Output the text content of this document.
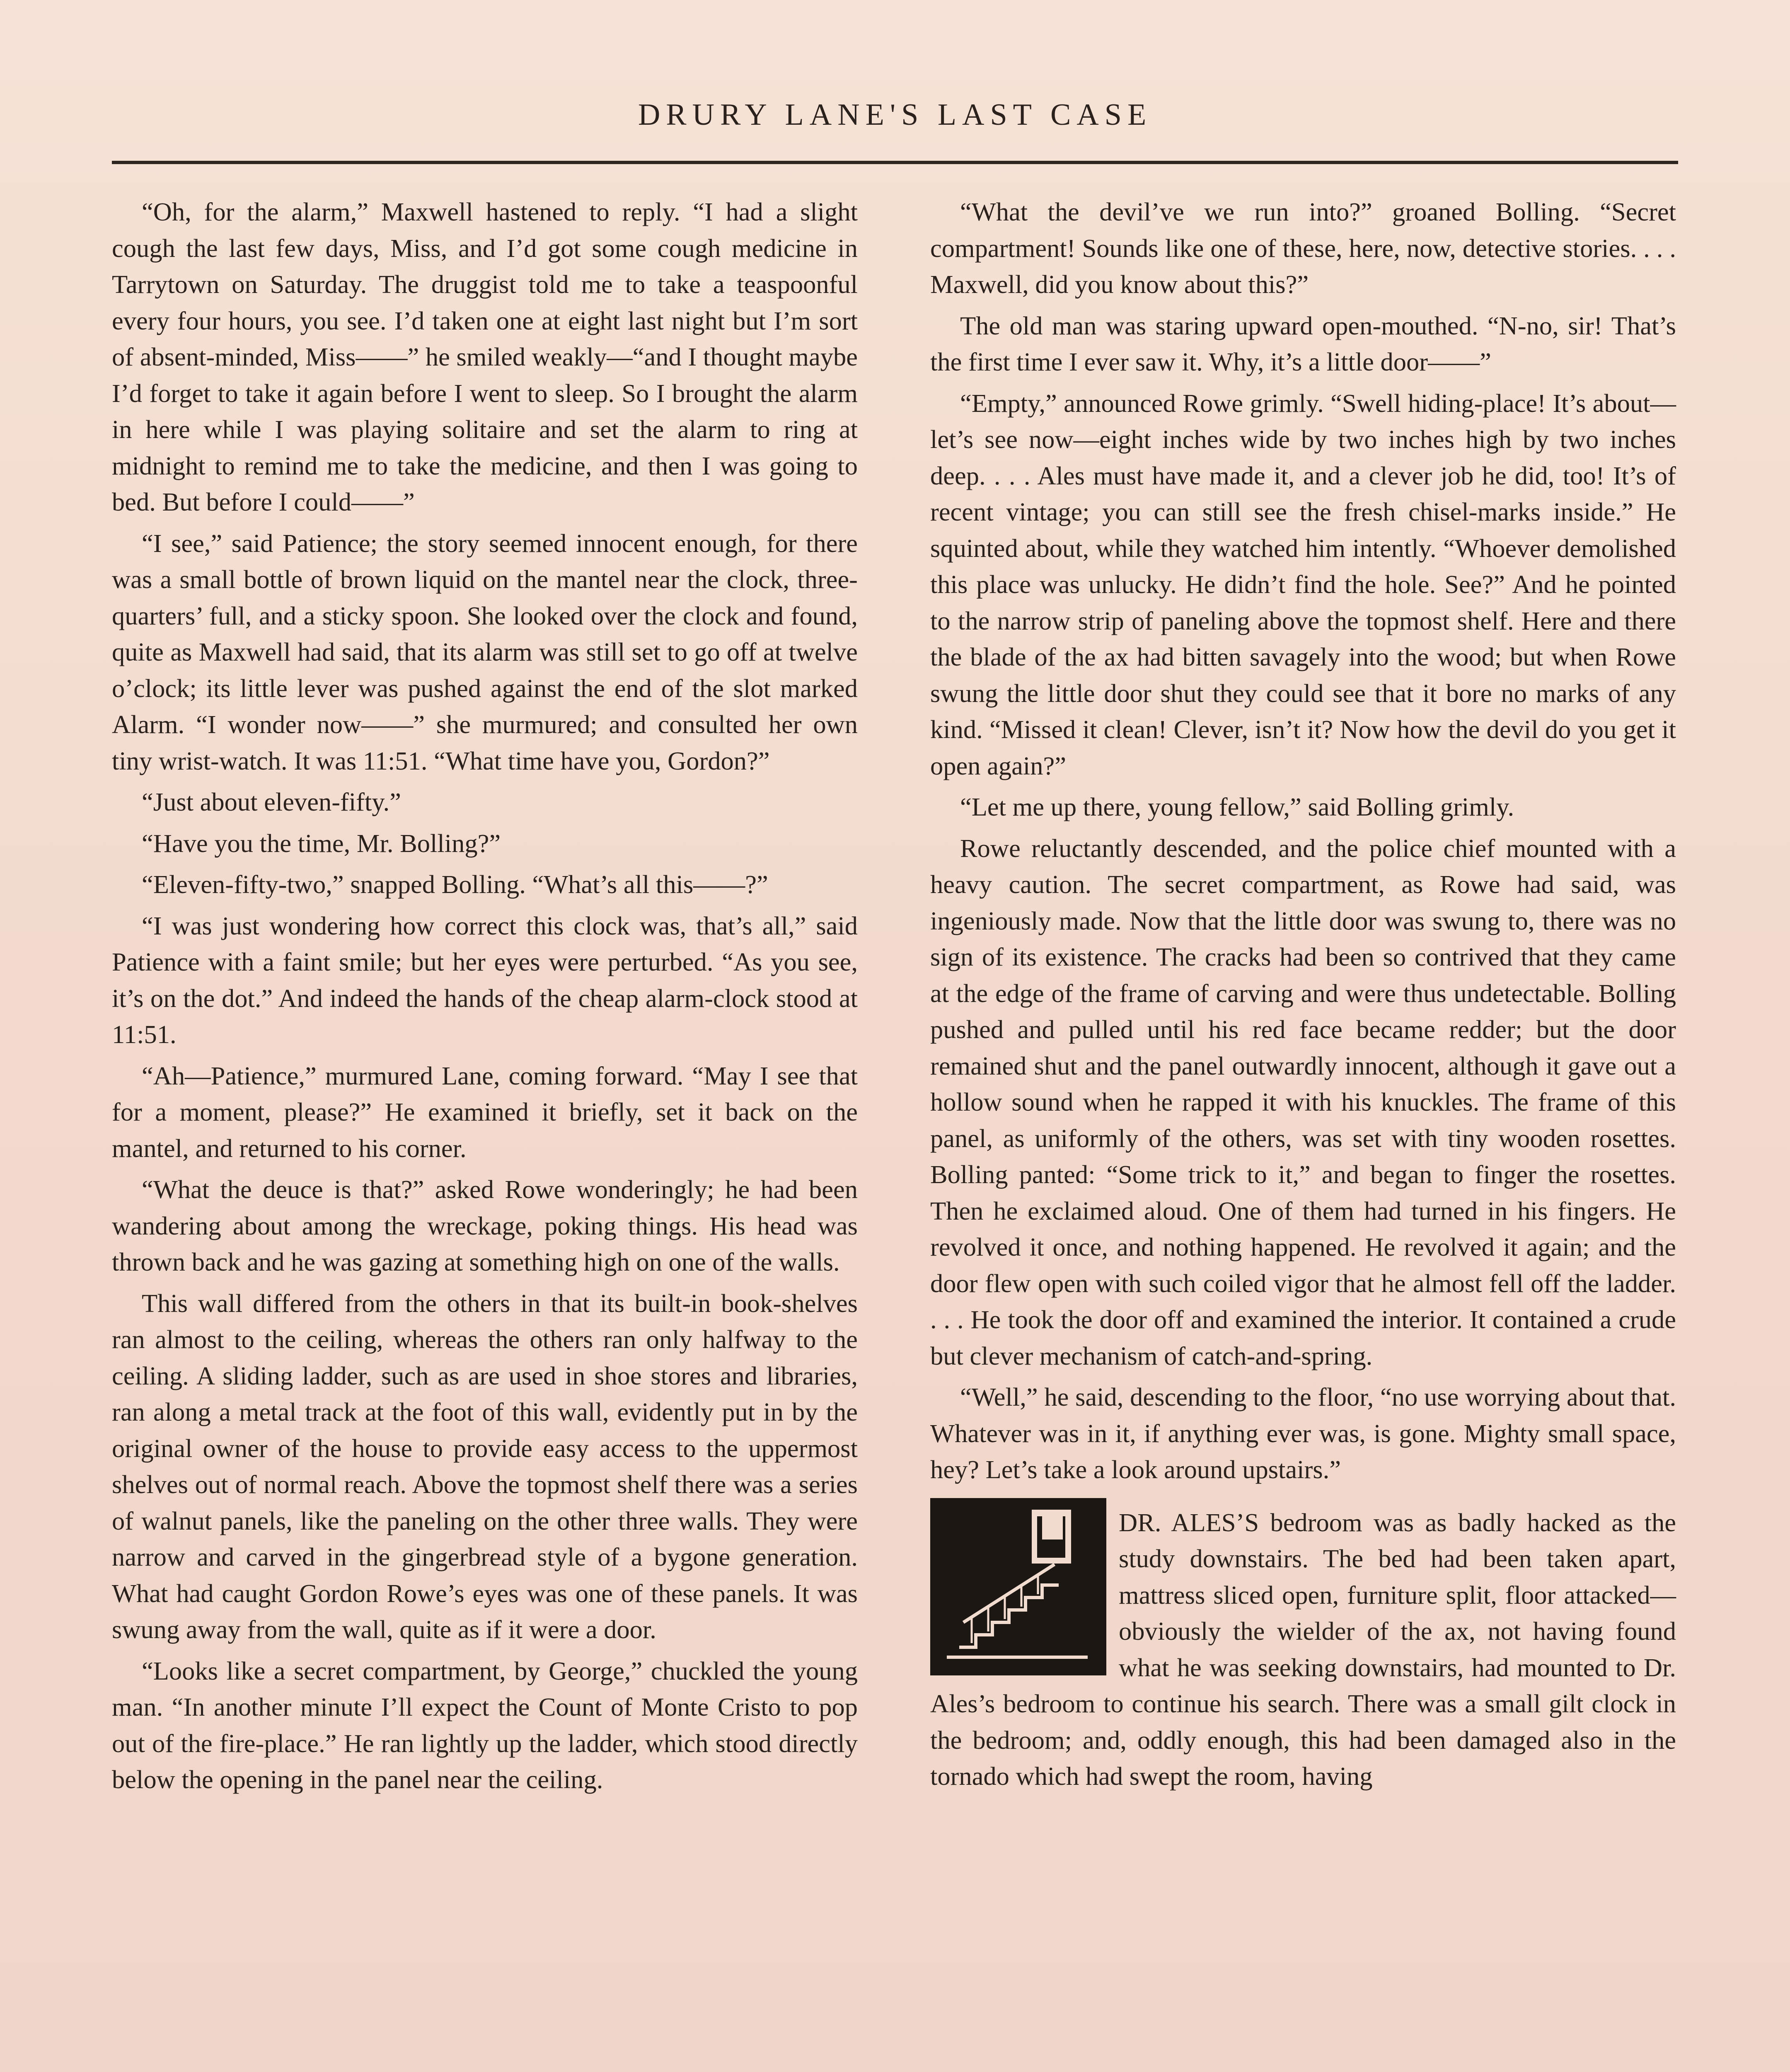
DRURY LANE'S LAST CASE

“Oh, for the alarm,” Maxwell hastened to reply. “I had a slight cough the last few days, Miss, and I’d got some cough medicine in Tarrytown on Saturday. The druggist told me to take a teaspoonful every four hours, you see. I’d taken one at eight last night but I’m sort of absent-minded, Miss——” he smiled weakly—“and I thought maybe I’d forget to take it again before I went to sleep. So I brought the alarm in here while I was playing solitaire and set the alarm to ring at midnight to remind me to take the medicine, and then I was going to bed. But before I could——”

“I see,” said Patience; the story seemed innocent enough, for there was a small bottle of brown liquid on the mantel near the clock, three-quarters’ full, and a sticky spoon. She looked over the clock and found, quite as Maxwell had said, that its alarm was still set to go off at twelve o’clock; its little lever was pushed against the end of the slot marked Alarm. “I wonder now——” she murmured; and consulted her own tiny wrist-watch. It was 11:51. “What time have you, Gordon?”

“Just about eleven-fifty.”

“Have you the time, Mr. Bolling?”

“Eleven-fifty-two,” snapped Bolling. “What’s all this——?”

“I was just wondering how correct this clock was, that’s all,” said Patience with a faint smile; but her eyes were perturbed. “As you see, it’s on the dot.” And indeed the hands of the cheap alarm-clock stood at 11:51.

“Ah—Patience,” murmured Lane, coming forward. “May I see that for a moment, please?” He examined it briefly, set it back on the mantel, and returned to his corner.

“What the deuce is that?” asked Rowe wonderingly; he had been wandering about among the wreckage, poking things. His head was thrown back and he was gazing at something high on one of the walls.

This wall differed from the others in that its built-in book-shelves ran almost to the ceiling, whereas the others ran only halfway to the ceiling. A sliding ladder, such as are used in shoe stores and libraries, ran along a metal track at the foot of this wall, evidently put in by the original owner of the house to provide easy access to the uppermost shelves out of normal reach. Above the topmost shelf there was a series of walnut panels, like the paneling on the other three walls. They were narrow and carved in the gingerbread style of a bygone generation. What had caught Gordon Rowe’s eyes was one of these panels. It was swung away from the wall, quite as if it were a door.

“Looks like a secret compartment, by George,” chuckled the young man. “In another minute I’ll expect the Count of Monte Cristo to pop out of the fire-place.” He ran lightly up the ladder, which stood directly below the opening in the panel near the ceiling.

“What the devil’ve we run into?” groaned Bolling. “Secret compartment! Sounds like one of these, here, now, detective stories. . . . Maxwell, did you know about this?”

The old man was staring upward open-mouthed. “N-no, sir! That’s the first time I ever saw it. Why, it’s a little door——”

“Empty,” announced Rowe grimly. “Swell hiding-place! It’s about—let’s see now—eight inches wide by two inches high by two inches deep. . . . Ales must have made it, and a clever job he did, too! It’s of recent vintage; you can still see the fresh chisel-marks inside.” He squinted about, while they watched him intently. “Whoever demolished this place was unlucky. He didn’t find the hole. See?” And he pointed to the narrow strip of paneling above the topmost shelf. Here and there the blade of the ax had bitten savagely into the wood; but when Rowe swung the little door shut they could see that it bore no marks of any kind. “Missed it clean! Clever, isn’t it? Now how the devil do you get it open again?”

“Let me up there, young fellow,” said Bolling grimly.

Rowe reluctantly descended, and the police chief mounted with a heavy caution. The secret compartment, as Rowe had said, was ingeniously made. Now that the little door was swung to, there was no sign of its existence. The cracks had been so contrived that they came at the edge of the frame of carving and were thus undetectable. Bolling pushed and pulled until his red face became redder; but the door remained shut and the panel outwardly innocent, although it gave out a hollow sound when he rapped it with his knuckles. The frame of this panel, as uniformly of the others, was set with tiny wooden rosettes. Bolling panted: “Some trick to it,” and began to finger the rosettes. Then he exclaimed aloud. One of them had turned in his fingers. He revolved it once, and nothing happened. He revolved it again; and the door flew open with such coiled vigor that he almost fell off the ladder. . . . He took the door off and examined the interior. It contained a crude but clever mechanism of catch-and-spring.

“Well,” he said, descending to the floor, “no use worrying about that. Whatever was in it, if anything ever was, is gone. Mighty small space, hey? Let’s take a look around upstairs.”

DR. ALES’S bedroom was as badly hacked as the study downstairs. The bed had been taken apart, mattress sliced open, furniture split, floor attacked—obviously the wielder of the ax, not having found what he was seeking downstairs, had mounted to Dr. Ales’s bedroom to continue his search. There was a small gilt clock in the bedroom; and, oddly enough, this had been damaged also in the tornado which had swept the room, having
